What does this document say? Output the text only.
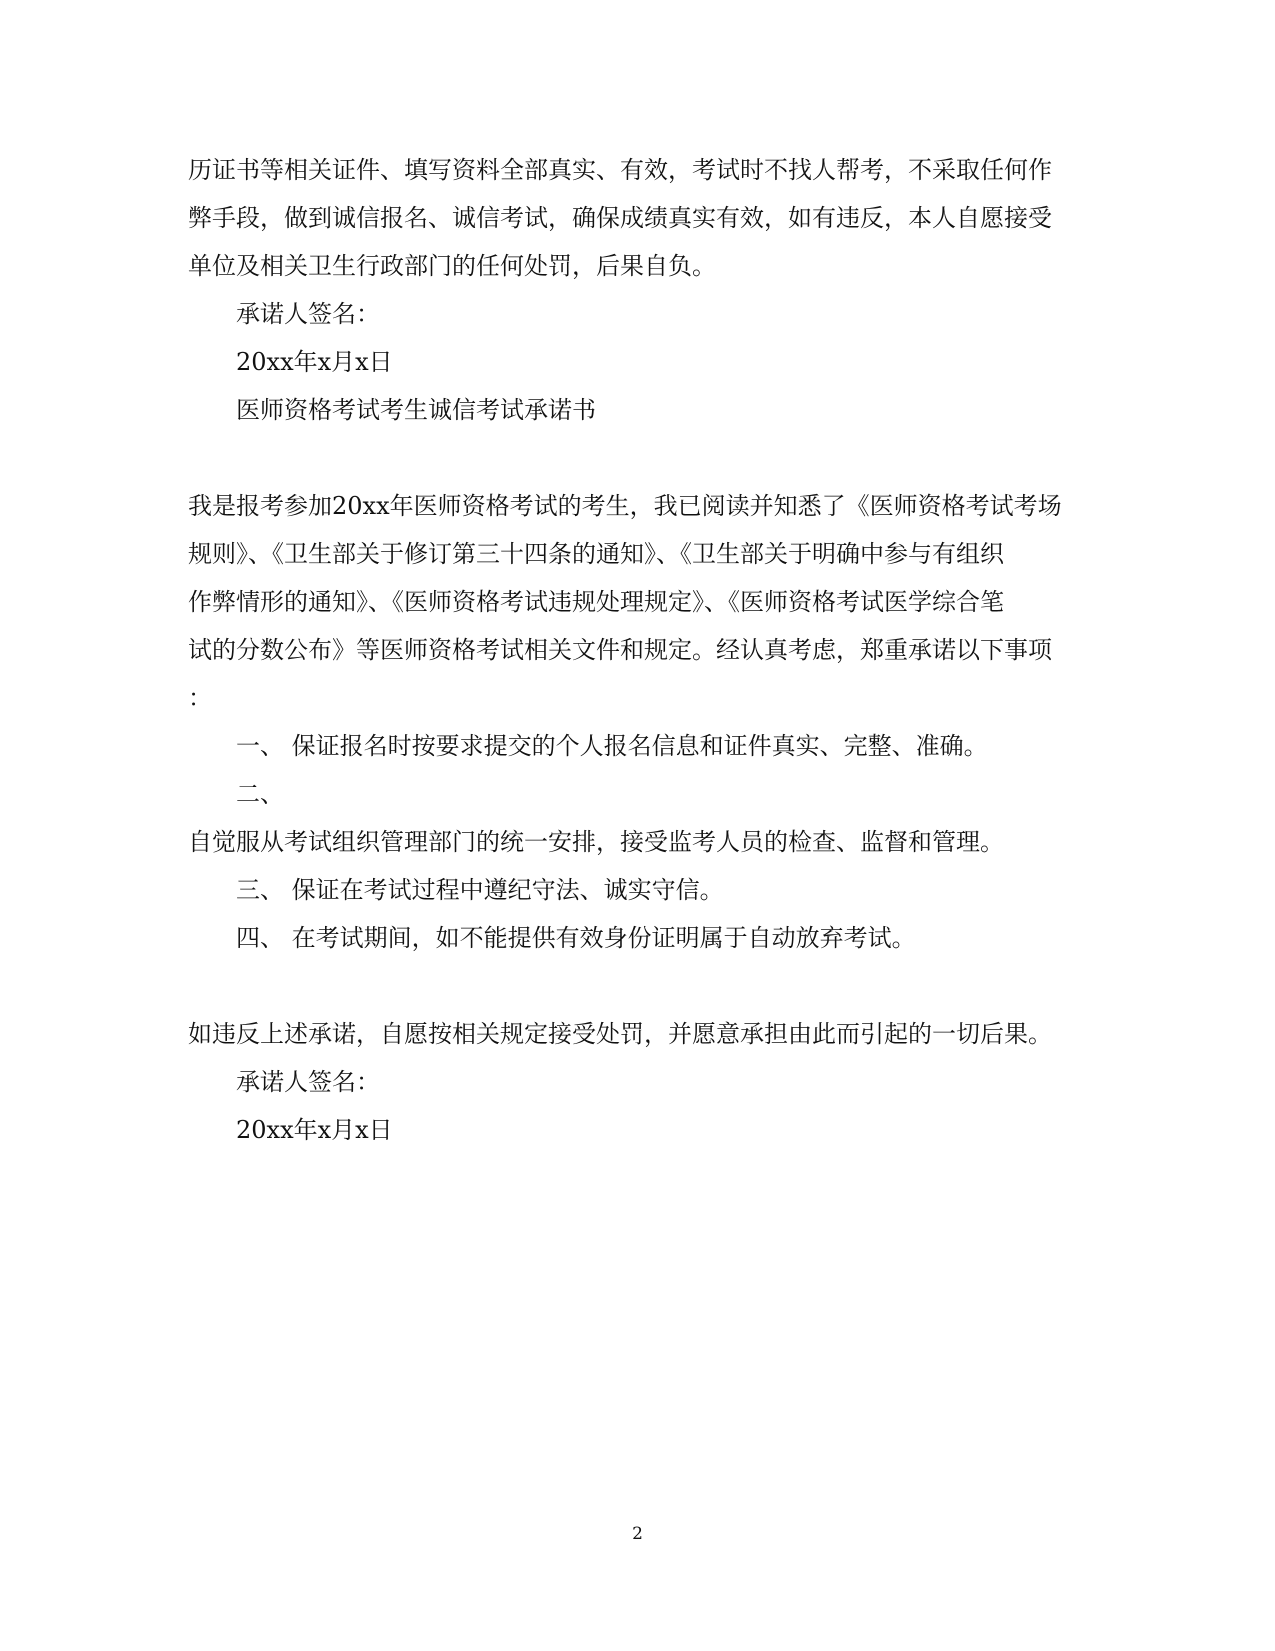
历证书等相关证件、填写资料全部真实、有效，考试时不找人帮考，不采取任何作
弊手段，做到诚信报名、诚信考试，确保成绩真实有效，如有违反，本人自愿接受
单位及相关卫生行政部门的任何处罚，后果自负。
承诺人签名：
20xx年x月x日
医师资格考试考生诚信考试承诺书
我是报考参加20xx年医师资格考试的考生，我已阅读并知悉了《医师资格考试考场
规则》、《卫生部关于修订第三十四条的通知》、《卫生部关于明确中参与有组织
作弊情形的通知》、《医师资格考试违规处理规定》、《医师资格考试医学综合笔
试的分数公布》等医师资格考试相关文件和规定。经认真考虑，郑重承诺以下事项
：
一、 保证报名时按要求提交的个人报名信息和证件真实、完整、准确。
二、
自觉服从考试组织管理部门的统一安排，接受监考人员的检查、监督和管理。
三、 保证在考试过程中遵纪守法、诚实守信。
四、 在考试期间，如不能提供有效身份证明属于自动放弃考试。
如违反上述承诺，自愿按相关规定接受处罚，并愿意承担由此而引起的一切后果。
承诺人签名：
20xx年x月x日
2
